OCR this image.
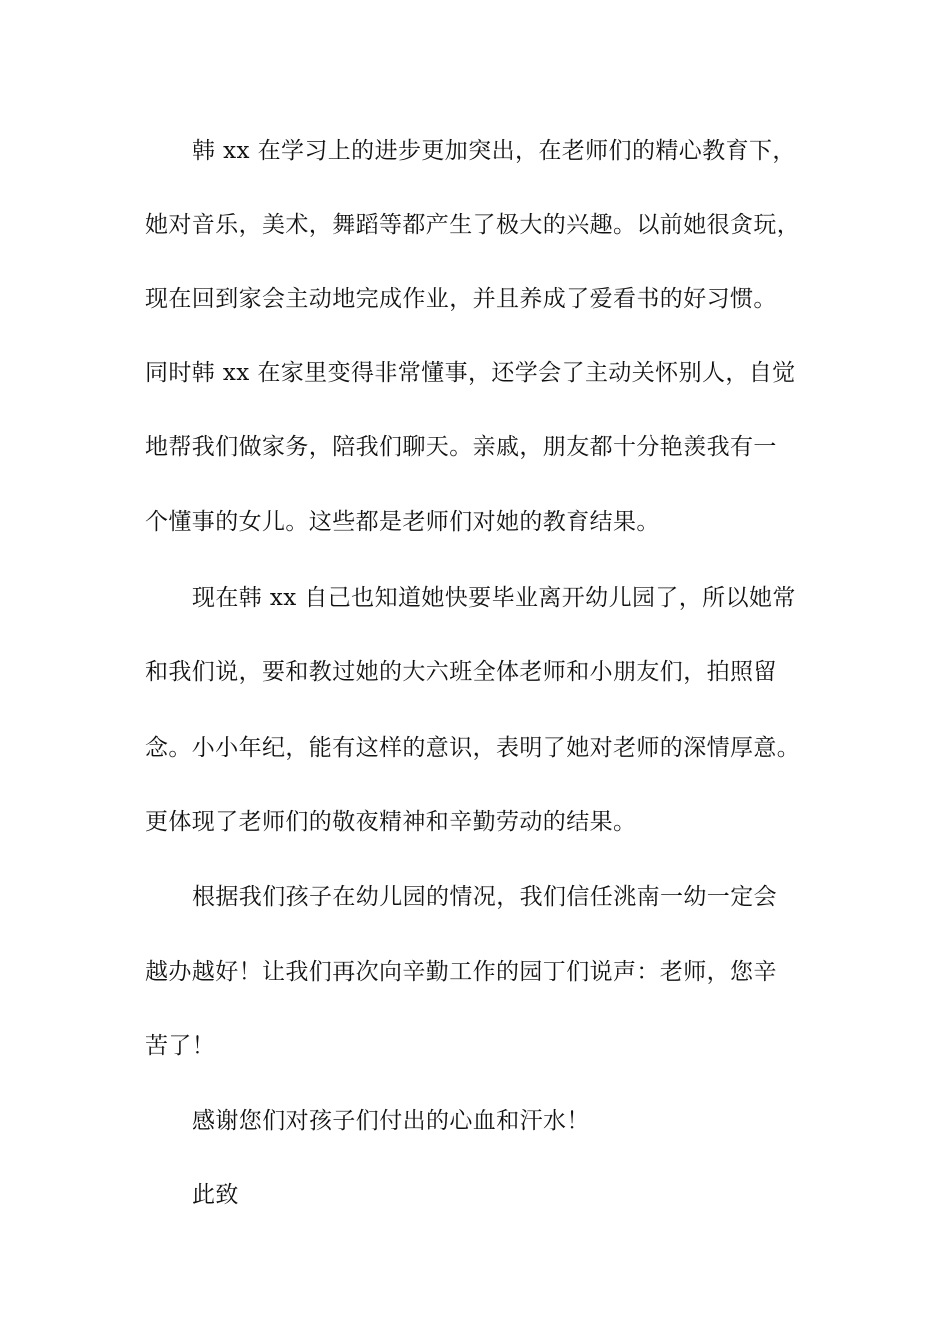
韩 xx 在学习上的进步更加突出，在老师们的精心教育下，
她对音乐，美术，舞蹈等都产生了极大的兴趣。以前她很贪玩，
现在回到家会主动地完成作业，并且养成了爱看书的好习惯。
同时韩 xx 在家里变得非常懂事，还学会了主动关怀别人，自觉
地帮我们做家务，陪我们聊天。亲戚，朋友都十分艳羡我有一
个懂事的女儿。这些都是老师们对她的教育结果。
现在韩 xx 自己也知道她快要毕业离开幼儿园了，所以她常
和我们说，要和教过她的大六班全体老师和小朋友们，拍照留
念。小小年纪，能有这样的意识，表明了她对老师的深情厚意。
更体现了老师们的敬夜精神和辛勤劳动的结果。
根据我们孩子在幼儿园的情况，我们信任洮南一幼一定会
越办越好！让我们再次向辛勤工作的园丁们说声：老师，您辛
苦了！
感谢您们对孩子们付出的心血和汗水！
此致
